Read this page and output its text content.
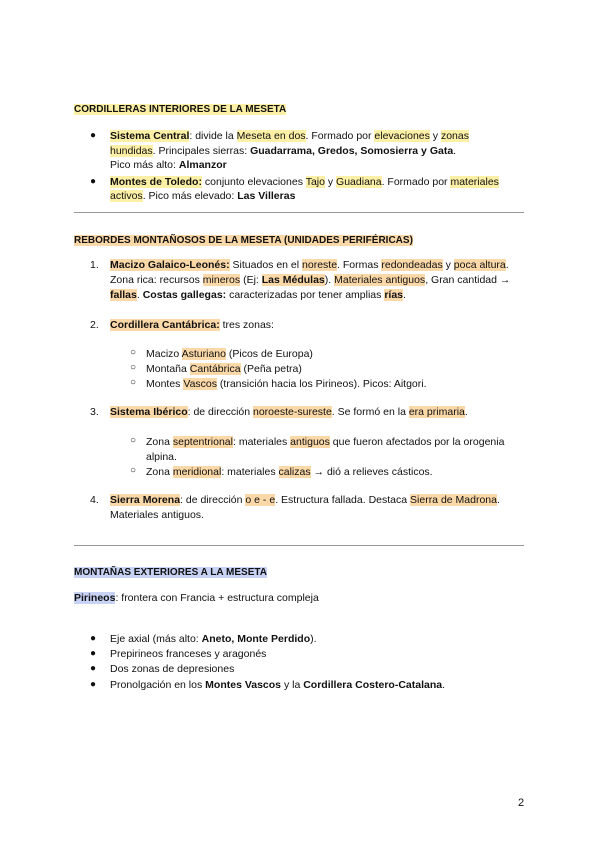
CORDILLERAS INTERIORES DE LA MESETA
● Sistema Central: divide la Meseta en dos. Formado por elevaciones y zonas
hundidas. Principales sierras: Guadarrama, Gredos, Somosierra y Gata.
Pico más alto: Almanzor
● Montes de Toledo: conjunto elevaciones Tajo y Guadiana. Formado por materiales
activos. Pico más elevado: Las Villeras
REBORDES MONTAÑOSOS DE LA MESETA (UNIDADES PERIFÉRICAS)
1. Macizo Galaico-Leonés: Situados en el noreste. Formas redondeadas y poca altura.
Zona rica: recursos mineros (Ej: Las Médulas). Materiales antiguos, Gran cantidad →
fallas. Costas gallegas: caracterizadas por tener amplias rías.
2. Cordillera Cantábrica: tres zonas:
○ Macizo Asturiano (Picos de Europa)
○ Montaña Cantábrica (Peña petra)
○ Montes Vascos (transición hacia los Pirineos). Picos: Aitgori.
3. Sistema Ibérico: de dirección noroeste-sureste. Se formó en la era primaria.
○ Zona septentrional: materiales antiguos que fueron afectados por la orogenia
alpina.
○ Zona meridional: materiales calizas → dió a relieves cásticos.
4. Sierra Morena: de dirección o e - e. Estructura fallada. Destaca Sierra de Madrona.
Materiales antiguos.
MONTAÑAS EXTERIORES A LA MESETA
Pirineos: frontera con Francia + estructura compleja
● Eje axial (más alto: Aneto, Monte Perdido).
● Prepirineos franceses y aragonés
● Dos zonas de depresiones
● Pronolgación en los Montes Vascos y la Cordillera Costero-Catalana.
2
